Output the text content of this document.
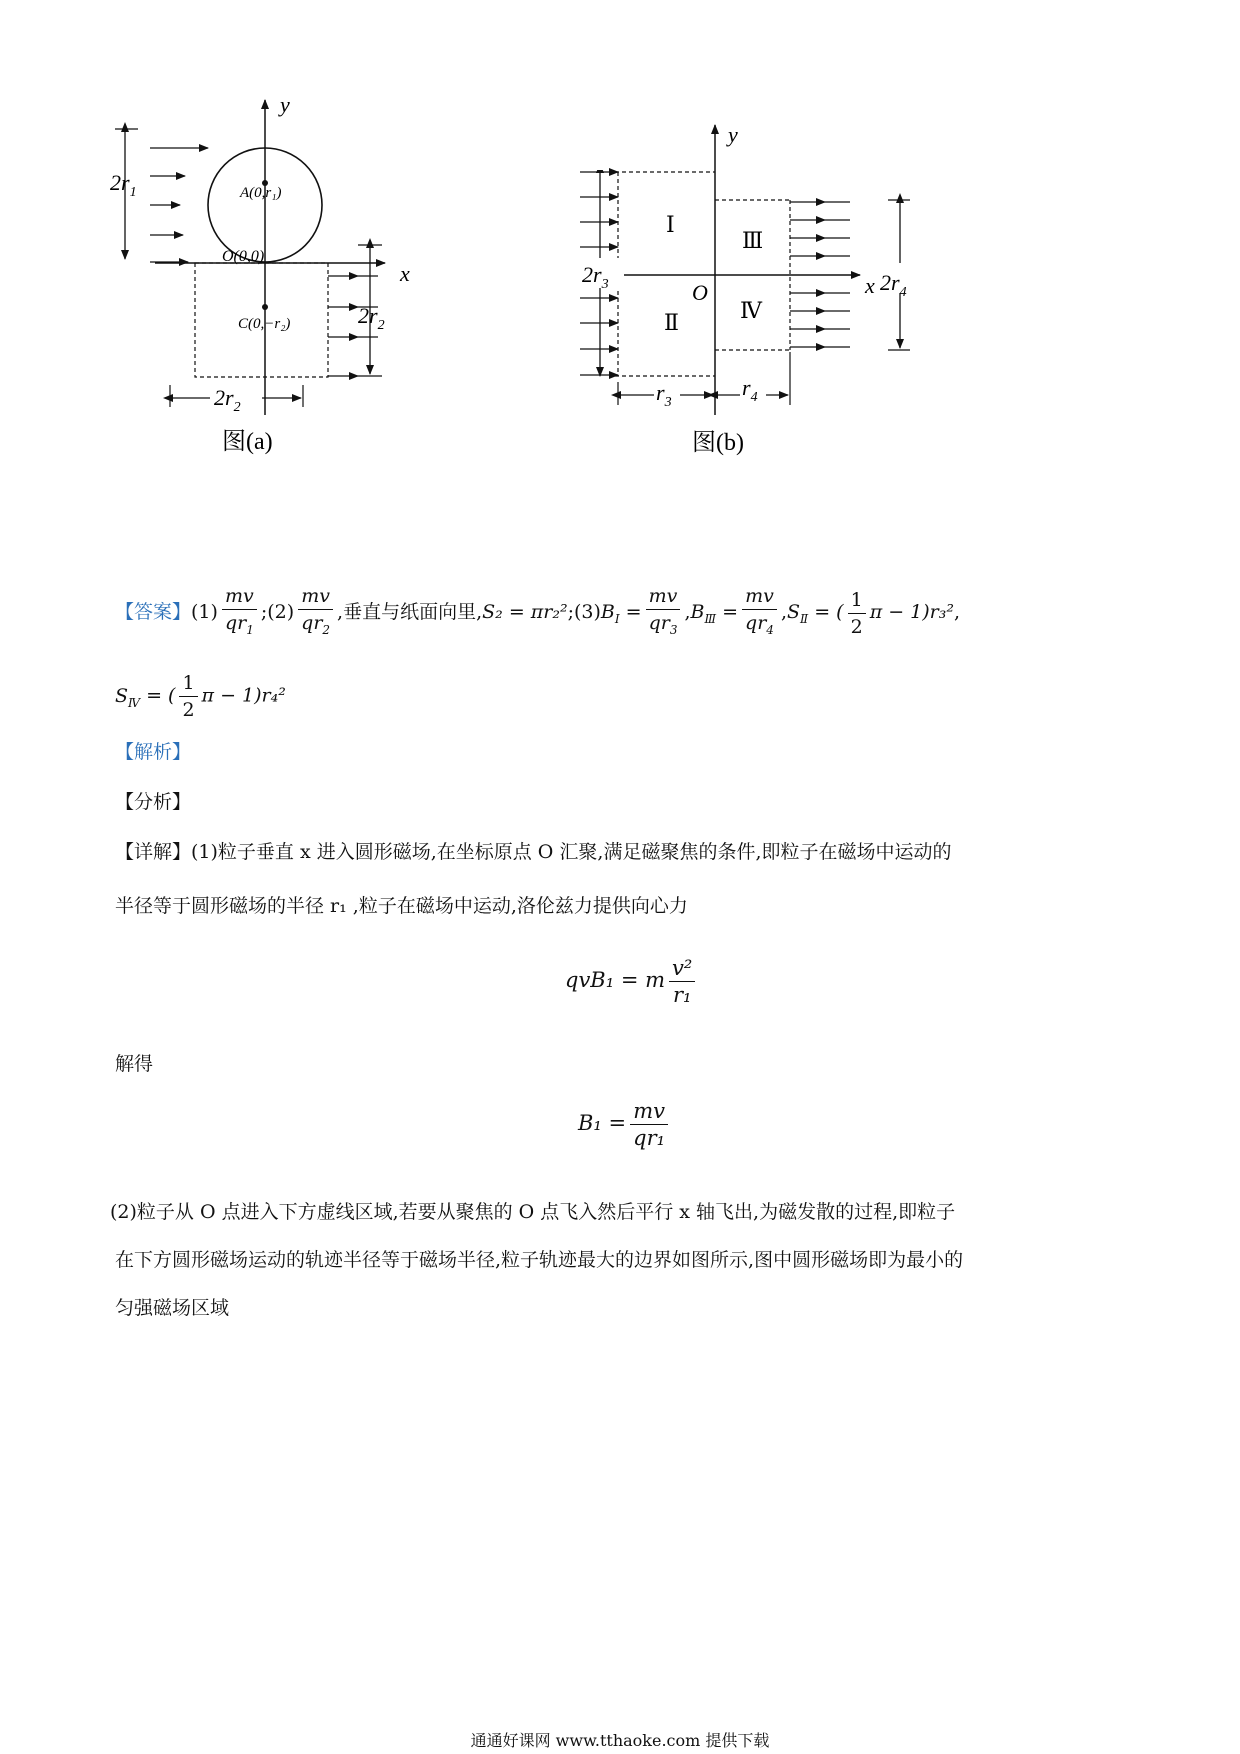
y
x
$2r_1$	A(0,r₁)
O(0,0)
C(0,−r₂)	$2r_2$
$2r_2$
图(a)
y
x
O
Ⅰ
Ⅱ
Ⅲ
Ⅳ
$2r_4$
$r_3$
$r_4$
图(b)
$2r_3$
【答案】$(1) \frac{mv}{qr_1}$ ;(2) $\frac{mv}{qr_2}$ ,垂直与纸面向里$,S_2 = \pi r_2^2;(3)B_Ⅰ = \frac{mv}{qr_3} ,B_Ⅲ = \frac{mv}{qr_4} ,S_Ⅱ$ = ( $\frac{1}{2}$ π − 1)r₃²,
$S_Ⅳ$ = ( $\frac{1}{2}$ π − 1)r₄²
【解析】
【分析】
【详解】(1)粒子垂直 x 进入圆形磁场,在坐标原点 O 汇聚,满足磁聚焦的条件,即粒子在磁场中运动的
半径等于圆形磁场的半径 r₁ ,粒子在磁场中运动,洛伦兹力提供向心力
qvB₁ = m $\frac{\text{v²}}{\text{r₁}}$
解得
$B_1 = \frac{mv}{\text{qr₁}}$
(2)粒子从 O 点进入下方虚线区域,若要从聚焦的 O 点飞入然后平行 x 轴飞出,为磁发散的过程,即粒子
在下方圆形磁场运动的轨迹半径等于磁场半径,粒子轨迹最大的边界如图所示,图中圆形磁场即为最小的
匀强磁场区域
通通好课网 www.tthaoke.com 提供下载
